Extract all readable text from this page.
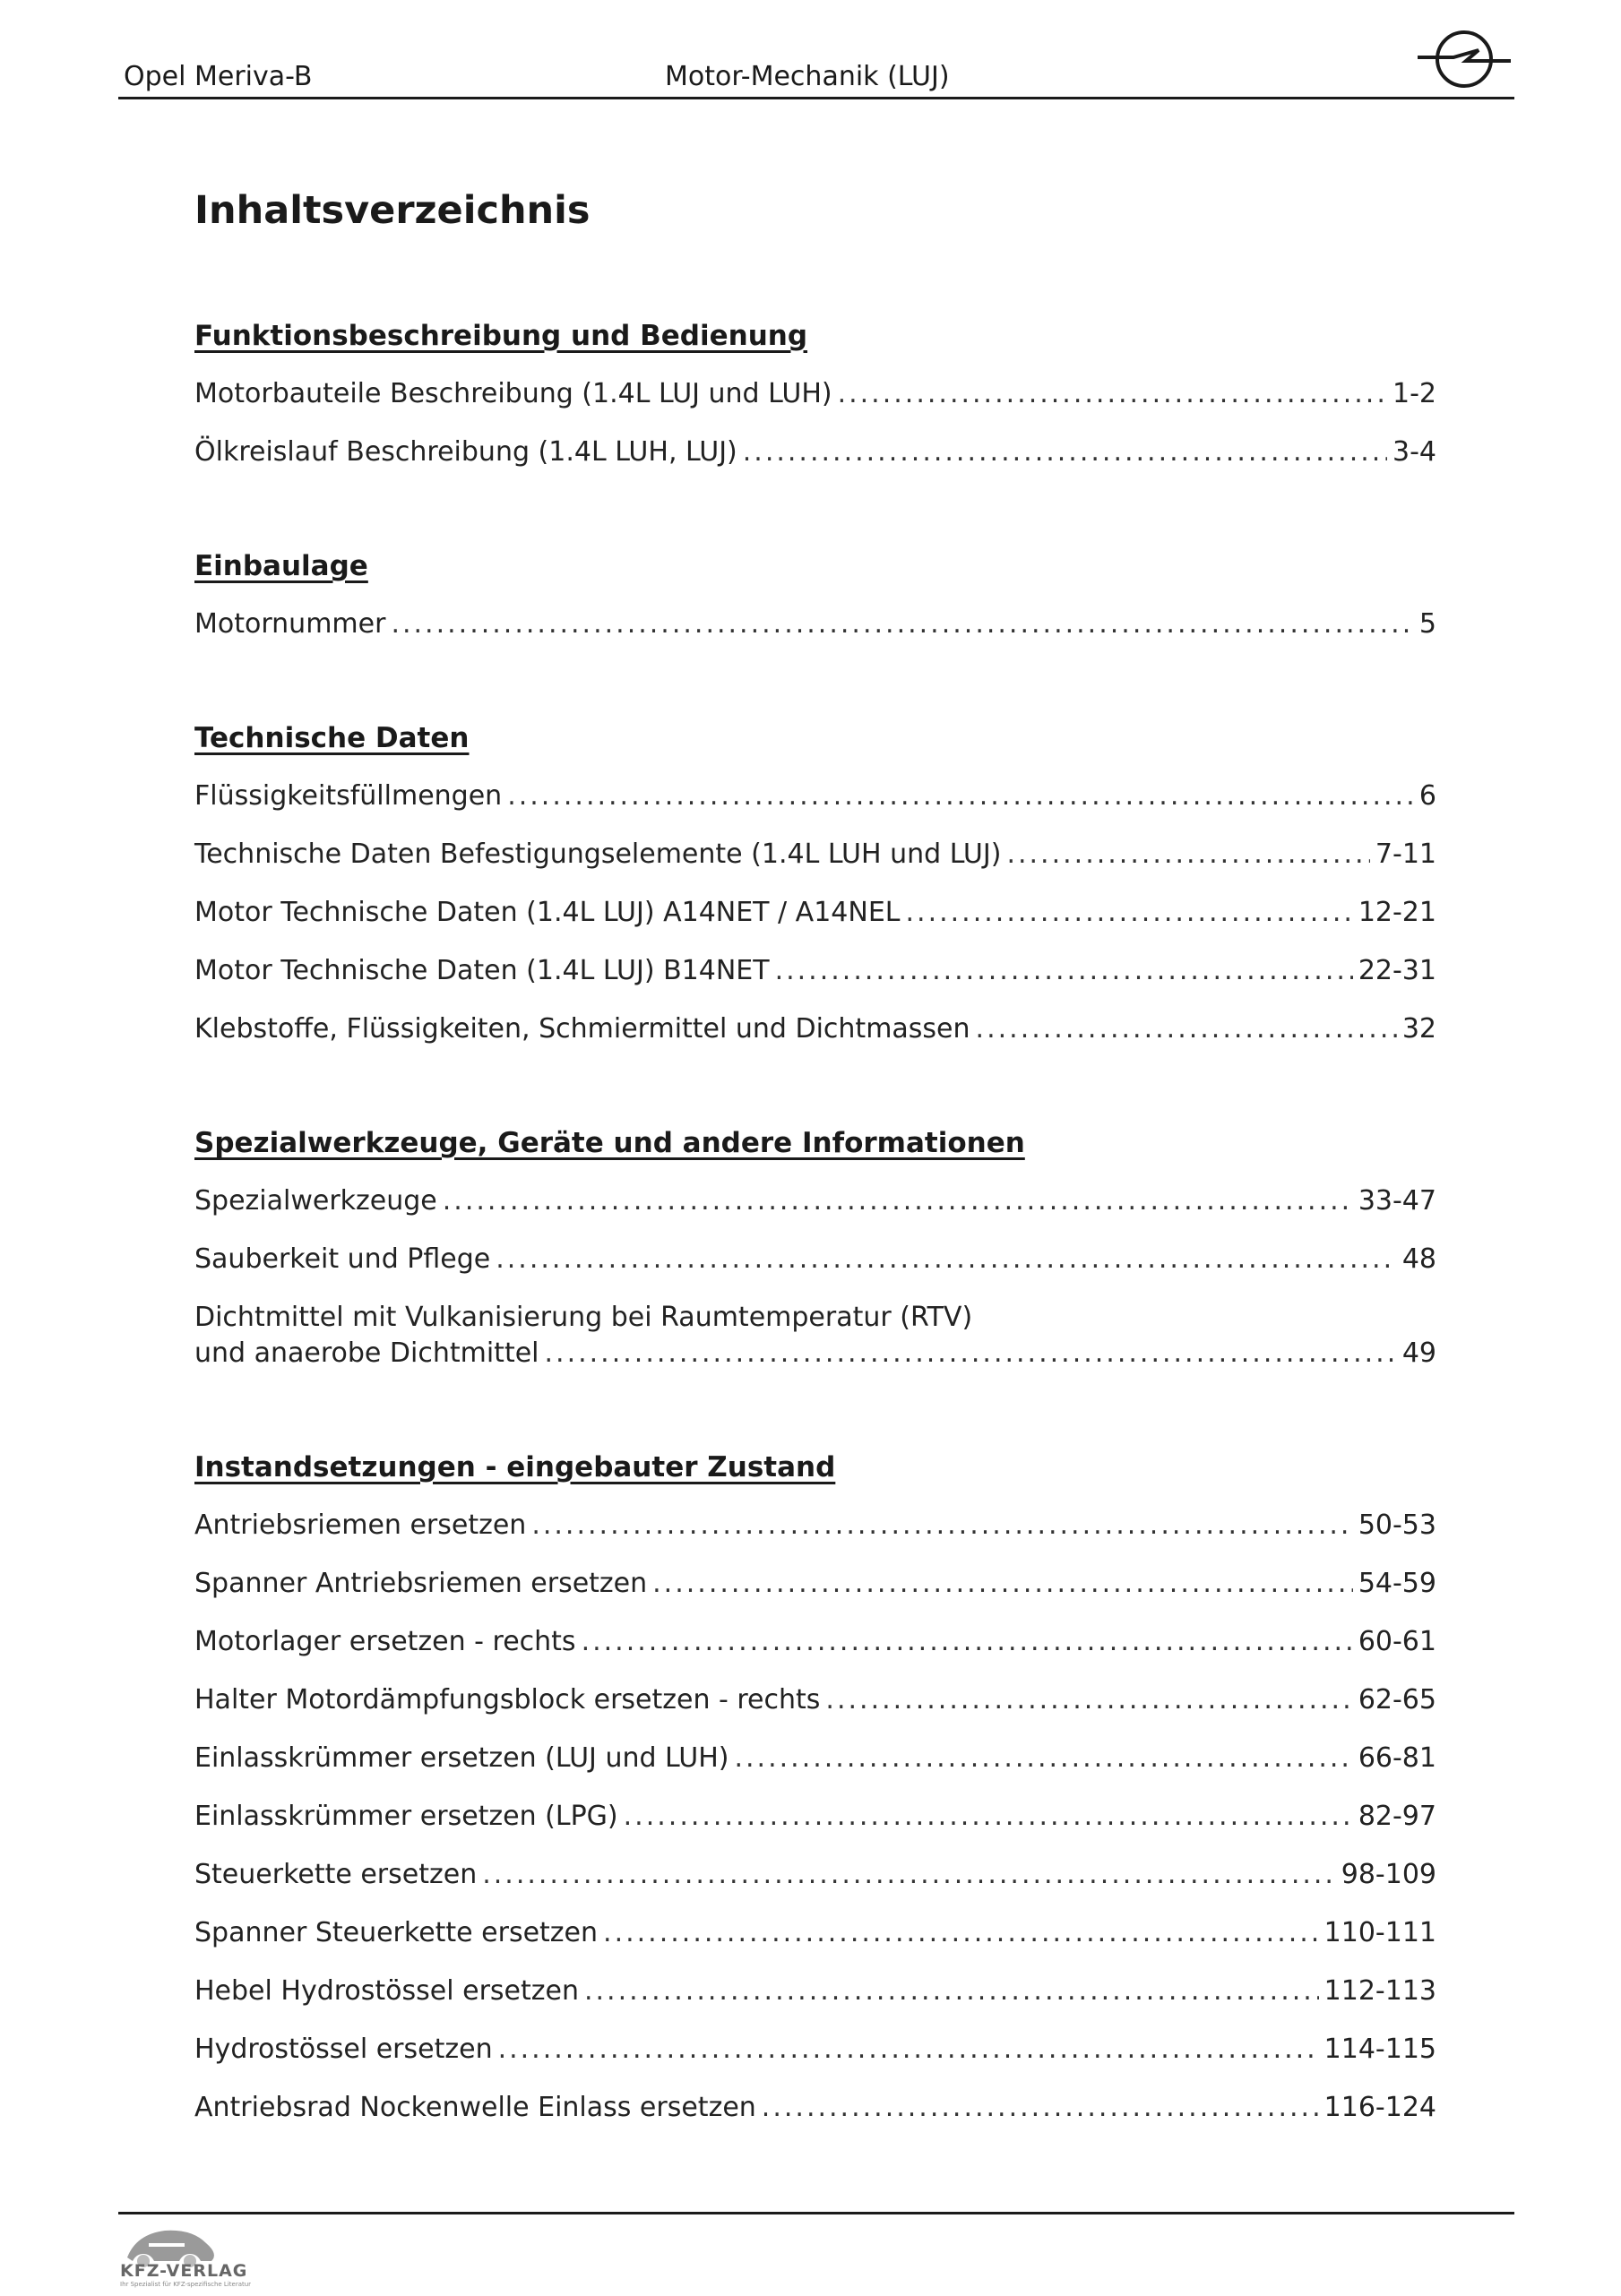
Opel Meriva-B	Motor-Mechanik (LUJ)
Inhaltsverzeichnis
Funktionsbeschreibung und Bedienung
Motorbauteile Beschreibung (1.4L LUJ und LUH) .....	1-2
Ölkreislauf Beschreibung (1.4L LUH, LUJ) .....	3-4
Einbaulage
Motornummer .....	5
Technische Daten
Flüssigkeitsfüllmengen .....	6
Technische Daten Befestigungselemente (1.4L LUH und LUJ) .....	7-11
Motor Technische Daten (1.4L LUJ) A14NET / A14NEL .....	12-21
Motor Technische Daten (1.4L LUJ) B14NET .....	22-31
Klebstoffe, Flüssigkeiten, Schmiermittel und Dichtmassen .....	32
Spezialwerkzeuge, Geräte und andere Informationen
Spezialwerkzeuge .....	33-47
Sauberkeit und Pflege .....	48
Dichtmittel mit Vulkanisierung bei Raumtemperatur (RTV)
und anaerobe Dichtmittel .....	49
Instandsetzungen - eingebauter Zustand
Antriebsriemen ersetzen .....	50-53
Spanner Antriebsriemen ersetzen .....	54-59
Motorlager ersetzen - rechts .....	60-61
Halter Motordämpfungsblock ersetzen - rechts .....	62-65
Einlasskrümmer ersetzen (LUJ und LUH) .....	66-81
Einlasskrümmer ersetzen (LPG) .....	82-97
Steuerkette ersetzen .....	98-109
Spanner Steuerkette ersetzen .....	110-111
Hebel Hydrostössel ersetzen .....	112-113
Hydrostössel ersetzen .....	114-115
Antriebsrad Nockenwelle Einlass ersetzen .....	116-124
KFZ-VERLAG
Ihr Spezialist für KFZ-spezifische Literatur
